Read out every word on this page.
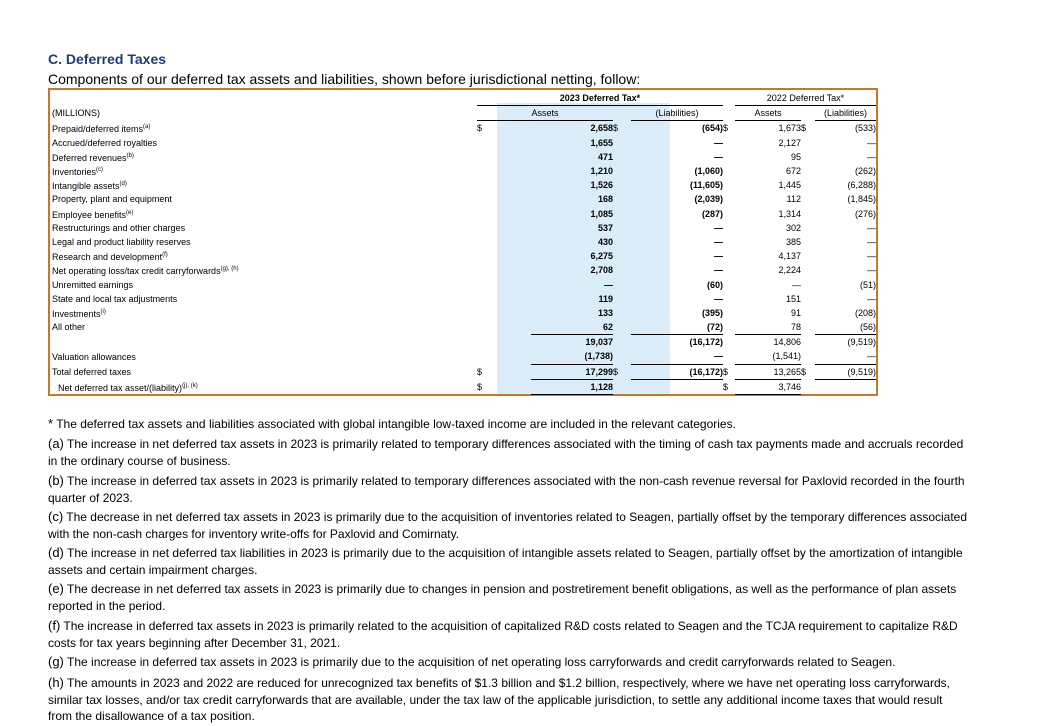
C. Deferred Taxes

Components of our deferred tax assets and liabilities, shown before jurisdictional netting, follow:

	2023 Deferred Tax*					2022 Deferred Tax*		
(MILLIONS)	Assets			(Liabilities)		Assets		(Liabilities)
Prepaid/deferred items$^{(a)}$	$	2,658	$	(654)	$	1,673	$	(533)
Accrued/deferred royalties		1,655		—		2,127		—
Deferred revenues$^{(b)}$		471		—		95		—
Inventories$^{(c)}$		1,210		(1,060)		672		(262)
Intangible assets$^{(d)}$		1,526		(11,605)		1,445		(6,288)
Property, plant and equipment		168		(2,039)		112		(1,845)
Employee benefits$^{(e)}$		1,085		(287)		1,314		(276)
Restructurings and other charges		537		—		302		—
Legal and product liability reserves		430		—		385		—
Research and development$^{(f)}$		6,275		—		4,137		—
Net operating loss/tax credit carryforwards$^{(g), (h)}$		2,708		—		2,224		—
Unremitted earnings		—		(60)		—		(51)
State and local tax adjustments		119		—		151		—
Investments$^{(i)}$		133		(395)		91		(208)
All other		62		(72)		78		(56)
		19,037		(16,172)		14,806		(9,519)
Valuation allowances		(1,738)		—		(1,541)		—
Total deferred taxes	$	17,299	$	(16,172)	$	13,265	$	(9,519)
Net deferred tax asset/(liability)$^{(j), (k)}$	$	1,128			$	3,746		

* The deferred tax assets and liabilities associated with global intangible low-taxed income are included in the relevant categories.

(a) The increase in net deferred tax assets in 2023 is primarily related to temporary differences associated with the timing of cash tax payments made and accruals recorded in the ordinary course of business.

(b) The increase in deferred tax assets in 2023 is primarily related to temporary differences associated with the non-cash revenue reversal for Paxlovid recorded in the fourth quarter of 2023.

(c) The decrease in net deferred tax assets in 2023 is primarily due to the acquisition of inventories related to Seagen, partially offset by the temporary differences associated with the non-cash charges for inventory write-offs for Paxlovid and Comirnaty.

(d) The increase in net deferred tax liabilities in 2023 is primarily due to the acquisition of intangible assets related to Seagen, partially offset by the amortization of intangible assets and certain impairment charges.

(e) The decrease in net deferred tax assets in 2023 is primarily due to changes in pension and postretirement benefit obligations, as well as the performance of plan assets reported in the period.

(f) The increase in deferred tax assets in 2023 is primarily related to the acquisition of capitalized R&D costs related to Seagen and the TCJA requirement to capitalize R&D costs for tax years beginning after December 31, 2021.

(g) The increase in deferred tax assets in 2023 is primarily due to the acquisition of net operating loss carryforwards and credit carryforwards related to Seagen.

(h) The amounts in 2023 and 2022 are reduced for unrecognized tax benefits of $1.3 billion and $1.2 billion, respectively, where we have net operating loss carryforwards, similar tax losses, and/or tax credit carryforwards that are available, under the tax law of the applicable jurisdiction, to settle any additional income taxes that would result from the disallowance of a tax position.
